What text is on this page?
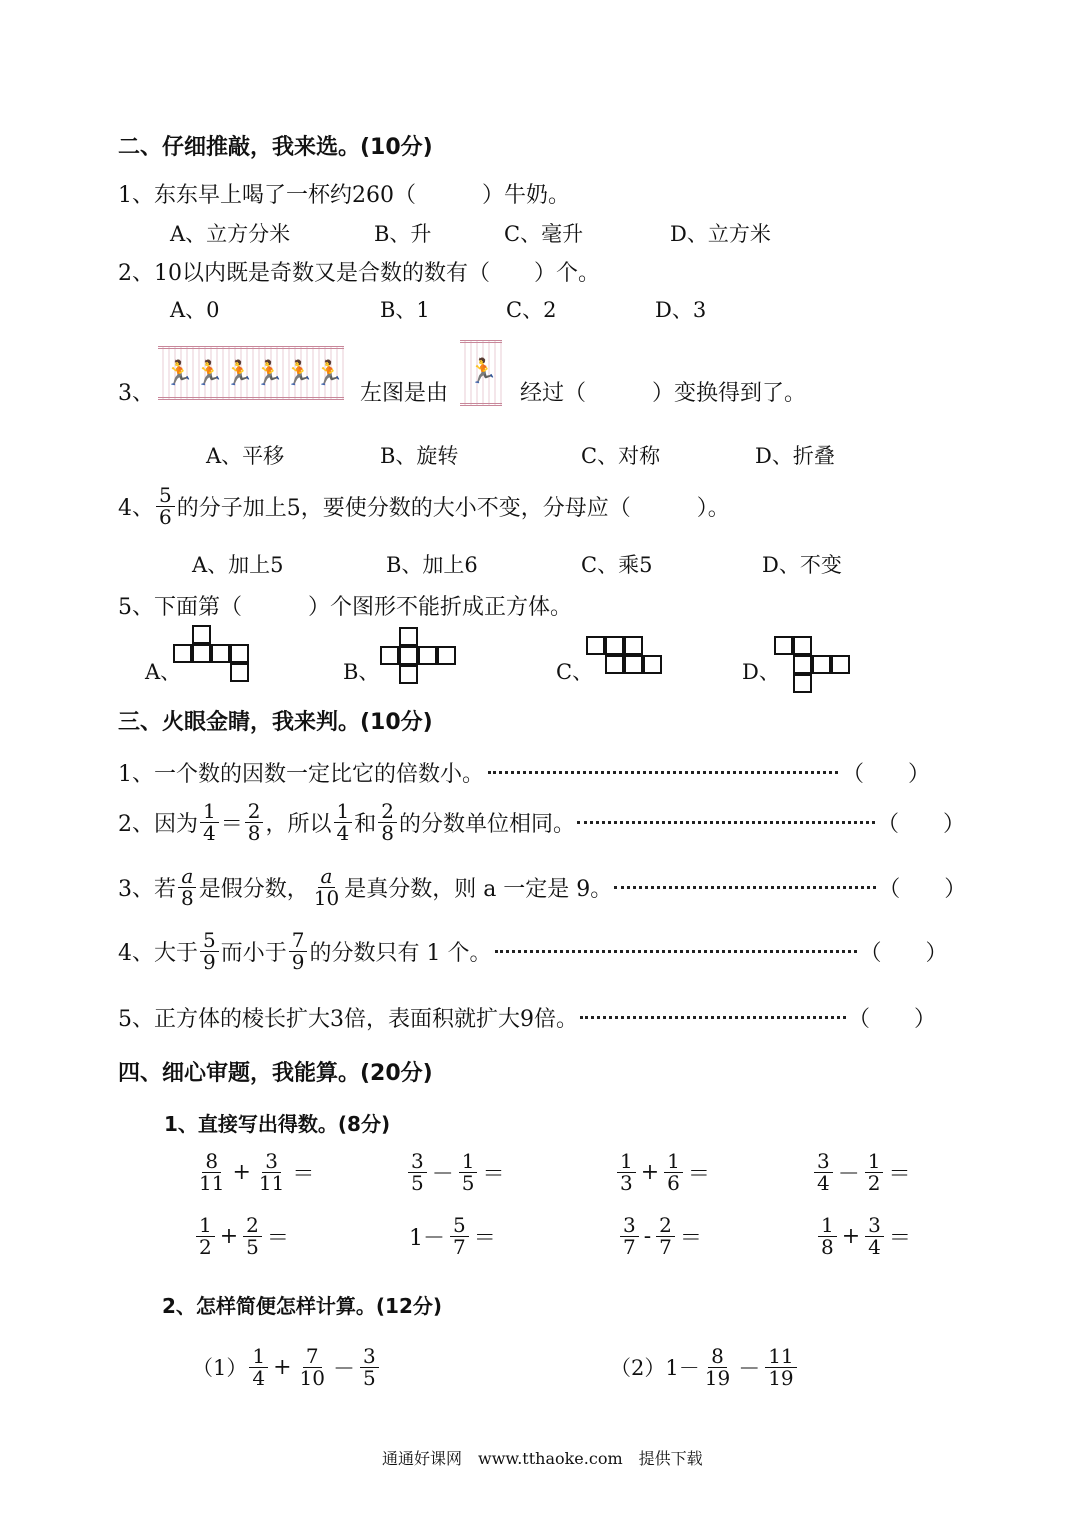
二、仔细推敲，我来选。(10分)
1、东东早上喝了一杯约260（　　　）牛奶。
A、立方分米	B、升	C、毫升	D、立方米
2、10以内既是奇数又是合数的数有（　　）个。
A、0	B、1	C、2	D、3
3、
🏃 🏃 🏃 🏃 🏃 🏃
左图是由
🏃
经过（　　　）变换得到了。
A、平移	B、旋转	C、对称	D、折叠
4、 $\frac{5}{6}$ 的分子加上5，要使分数的大小不变，分母应（　　　）。
A、加上5	B、加上6	C、乘5	D、不变
5、下面第（　　　）个图形不能折成正方体。
A、	B、	C、	D、
三、火眼金睛，我来判。(10分)
1、一个数的因数一定比它的倍数小。	（　　）
2、因为 $\frac{1}{4} = \frac{2}{8}$ ，所以 $\frac{1}{4}$ 和 $\frac{2}{8}$ 的分数单位相同。	（　　）
3、若 $\frac{a}{8}$ 是假分数， $\frac{a}{10}$ 是真分数，则 a 一定是 9。	（　　）
4、大于 $\frac{5}{9}$ 而小于 $\frac{7}{9}$ 的分数只有 1 个。	（　　）
5、正方体的棱长扩大3倍，表面积就扩大9倍。	（　　）
四、细心审题，我能算。(20分)
1、直接写出得数。(8分)
$\frac{8}{11} + \frac{3}{11}$ ＝	$\frac{3}{5} - \frac{1}{5}$ ＝	$\frac{1}{3} + \frac{1}{6}$ ＝	$\frac{3}{4} - \frac{1}{2}$ ＝
$\frac{1}{2} + \frac{2}{5}$ ＝	$1- \frac{5}{7}$ ＝	$\frac{3}{7} - \frac{2}{7}$ ＝	$\frac{1}{8} + \frac{3}{4}$ ＝
2、怎样简便怎样计算。(12分)
$(1) \frac{1}{4} + \frac{7}{10} - \frac{3}{5}$	$(2)1- \frac{8}{19} - \frac{11}{19}$
通通好课网　www.tthaoke.com　提供下载
